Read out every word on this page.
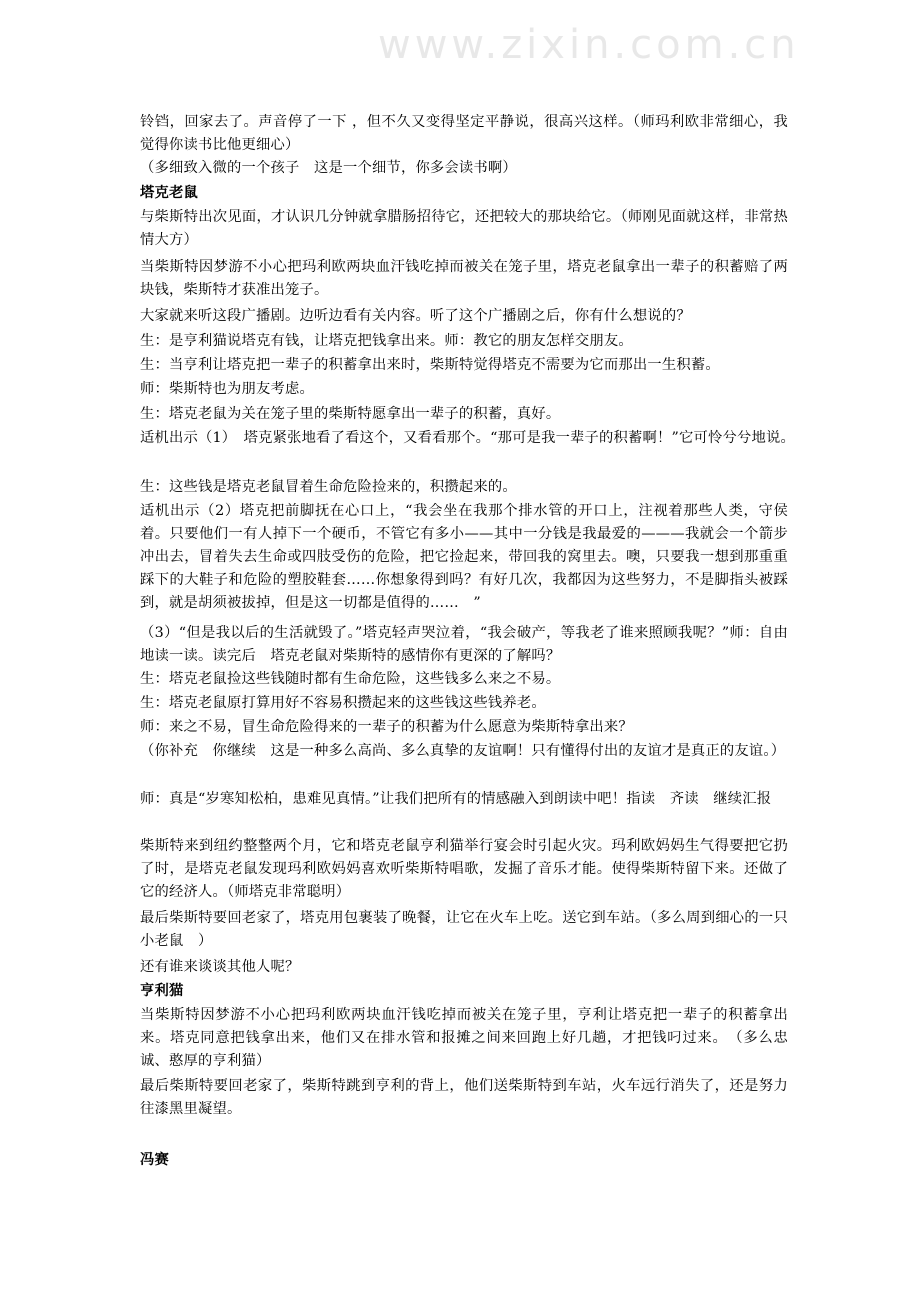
www.zixin.com.cn

铃铛，回家去了。声音停了一下 ，但不久又变得坚定平静说，很高兴这样。（师玛利欧非常细心，我觉得你读书比他更细心）

（多细致入微的一个孩子　这是一个细节，你多会读书啊）

塔克老鼠

与柴斯特出次见面，才认识几分钟就拿腊肠招待它，还把较大的那块给它。（师刚见面就这样，非常热情大方）

当柴斯特因梦游不小心把玛利欧两块血汗钱吃掉而被关在笼子里，塔克老鼠拿出一辈子的积蓄赔了两块钱，柴斯特才获准出笼子。

大家就来听这段广播剧。边听边看有关内容。听了这个广播剧之后，你有什么想说的？

生：是亨利猫说塔克有钱，让塔克把钱拿出来。师：教它的朋友怎样交朋友。

生：当亨利让塔克把一辈子的积蓄拿出来时，柴斯特觉得塔克不需要为它而那出一生积蓄。

师：柴斯特也为朋友考虑。

生：塔克老鼠为关在笼子里的柴斯特愿拿出一辈子的积蓄，真好。

适机出示（1）　塔克紧张地看了看这个，又看看那个。“那可是我一辈子的积蓄啊！”它可怜兮兮地说。

生：这些钱是塔克老鼠冒着生命危险捡来的，积攒起来的。

适机出示（2）塔克把前脚抚在心口上，“我会坐在我那个排水管的开口上，注视着那些人类，守侯着。只要他们一有人掉下一个硬币，不管它有多小——其中一分钱是我最爱的———我就会一个箭步冲出去，冒着失去生命或四肢受伤的危险，把它捡起来，带回我的窝里去。噢，只要我一想到那重重踩下的大鞋子和危险的塑胶鞋套……你想象得到吗？有好几次，我都因为这些努力，不是脚指头被踩到，就是胡须被拔掉，但是这一切都是值得的……　”

（3）“但是我以后的生活就毁了。”塔克轻声哭泣着，“我会破产，等我老了谁来照顾我呢？”师：自由地读一读。读完后　塔克老鼠对柴斯特的感情你有更深的了解吗？

生：塔克老鼠捡这些钱随时都有生命危险，这些钱多么来之不易。

生：塔克老鼠原打算用好不容易积攒起来的这些钱这些钱养老。

师：来之不易，冒生命危险得来的一辈子的积蓄为什么愿意为柴斯特拿出来？

（你补充　你继续　这是一种多么高尚、多么真挚的友谊啊！只有懂得付出的友谊才是真正的友谊。）

师：真是“岁寒知松柏，患难见真情。”让我们把所有的情感融入到朗读中吧！指读　齐读　继续汇报

柴斯特来到纽约整整两个月，它和塔克老鼠亨利猫举行宴会时引起火灾。玛利欧妈妈生气得要把它扔了时，是塔克老鼠发现玛利欧妈妈喜欢听柴斯特唱歌，发掘了音乐才能。使得柴斯特留下来。还做了它的经济人。（师塔克非常聪明）

最后柴斯特要回老家了，塔克用包裹装了晚餐，让它在火车上吃。送它到车站。（多么周到细心的一只小老鼠　）

还有谁来谈谈其他人呢？

亨利猫

当柴斯特因梦游不小心把玛利欧两块血汗钱吃掉而被关在笼子里，亨利让塔克把一辈子的积蓄拿出来。塔克同意把钱拿出来，他们又在排水管和报摊之间来回跑上好几趟，才把钱叼过来。　（多么忠诚、憨厚的亨利猫）

最后柴斯特要回老家了，柴斯特跳到亨利的背上，他们送柴斯特到车站，火车远行消失了，还是努力往漆黑里凝望。

冯赛
